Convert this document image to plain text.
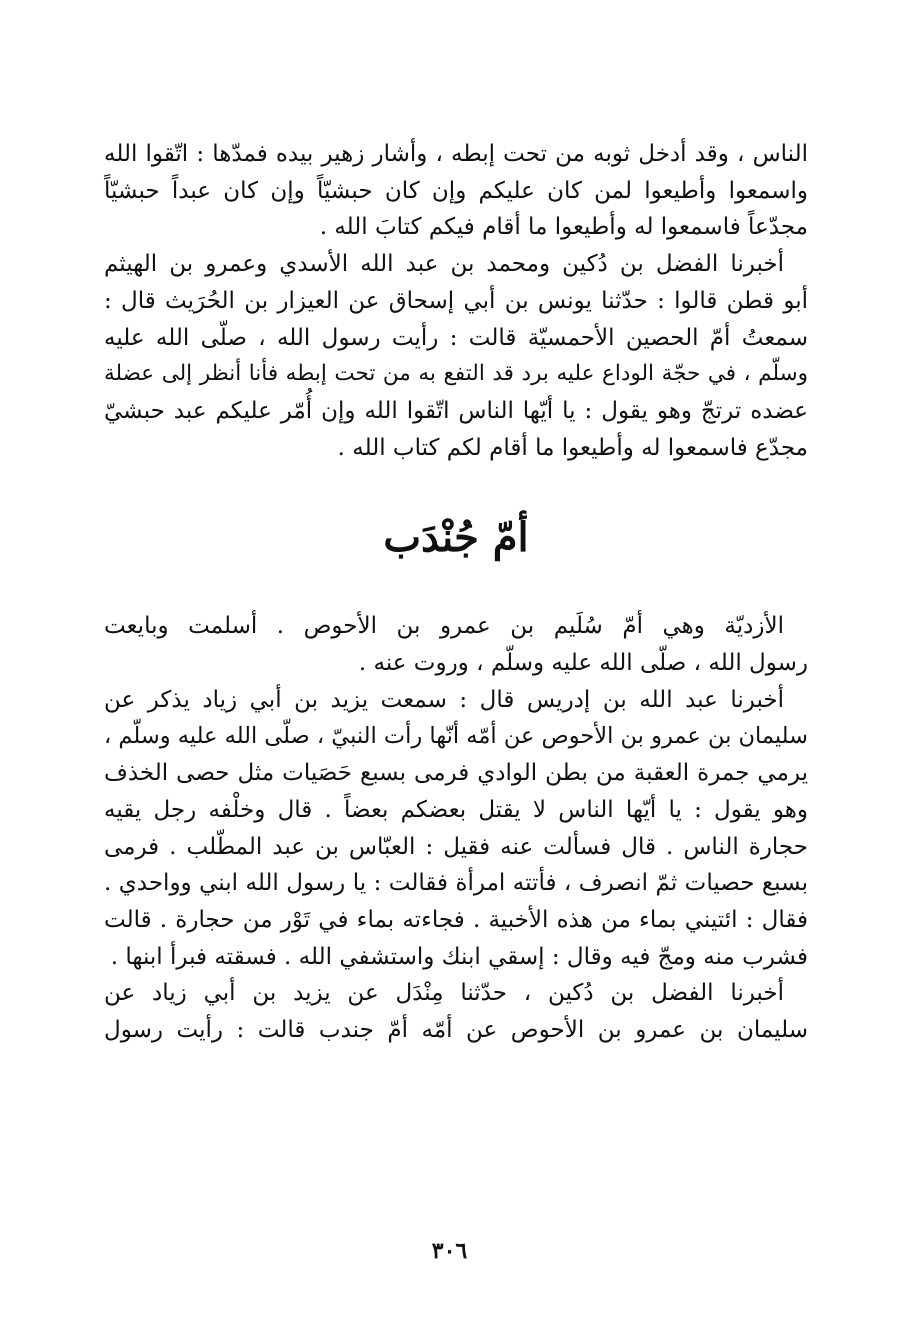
الناس ، وقد أدخل ثوبه من تحت إبطه ، وأشار زهير بيده فمدّها : اتّقوا الله
واسمعوا وأطيعوا لمن كان عليكم وإن كان حبشيّاً وإن كان عبداً حبشيّاً
مجدّعاً فاسمعوا له وأطيعوا ما أقام فيكم كتابَ الله .
أخبرنا الفضل بن دُكين ومحمد بن عبد الله الأسدي وعمرو بن الهيثم
أبو قطن قالوا : حدّثنا يونس بن أبي إسحاق عن العيزار بن الحُرَيث قال :
سمعتُ أمّ الحصين الأحمسيّة قالت : رأيت رسول الله ، صلّى الله عليه
وسلّم ، في حجّة الوداع عليه برد قد التفع به من تحت إبطه فأنا أنظر إلى عضلة
عضده ترتجّ وهو يقول : يا أيّها الناس اتّقوا الله وإن أُمّر عليكم عبد حبشيّ
مجدّع فاسمعوا له وأطيعوا ما أقام لكم كتاب الله .
أمّ جُنْدَب
الأزديّة وهي أمّ سُلَيم بن عمرو بن الأحوص . أسلمت وبايعت
رسول الله ، صلّى الله عليه وسلّم ، وروت عنه .
أخبرنا عبد الله بن إدريس قال : سمعت يزيد بن أبي زياد يذكر عن
سليمان بن عمرو بن الأحوص عن أمّه أنّها رأت النبيّ ، صلّى الله عليه وسلّم ،
يرمي جمرة العقبة من بطن الوادي فرمى بسبع حَصَيات مثل حصى الخذف
وهو يقول : يا أيّها الناس لا يقتل بعضكم بعضاً . قال وخلْفه رجل يقيه
حجارة الناس . قال فسألت عنه فقيل : العبّاس بن عبد المطّلب . فرمى
بسبع حصيات ثمّ انصرف ، فأتته امرأة فقالت : يا رسول الله ابني وواحدي .
فقال : ائتيني بماء من هذه الأخبية . فجاءته بماء في تَوْر من حجارة . قالت
فشرب منه ومجّ فيه وقال : إسقي ابنك واستشفي الله . فسقته فبرأ ابنها .
أخبرنا الفضل بن دُكين ، حدّثنا مِنْدَل عن يزيد بن أبي زياد عن
سليمان بن عمرو بن الأحوص عن أمّه أمّ جندب قالت : رأيت رسول
٣٠٦
